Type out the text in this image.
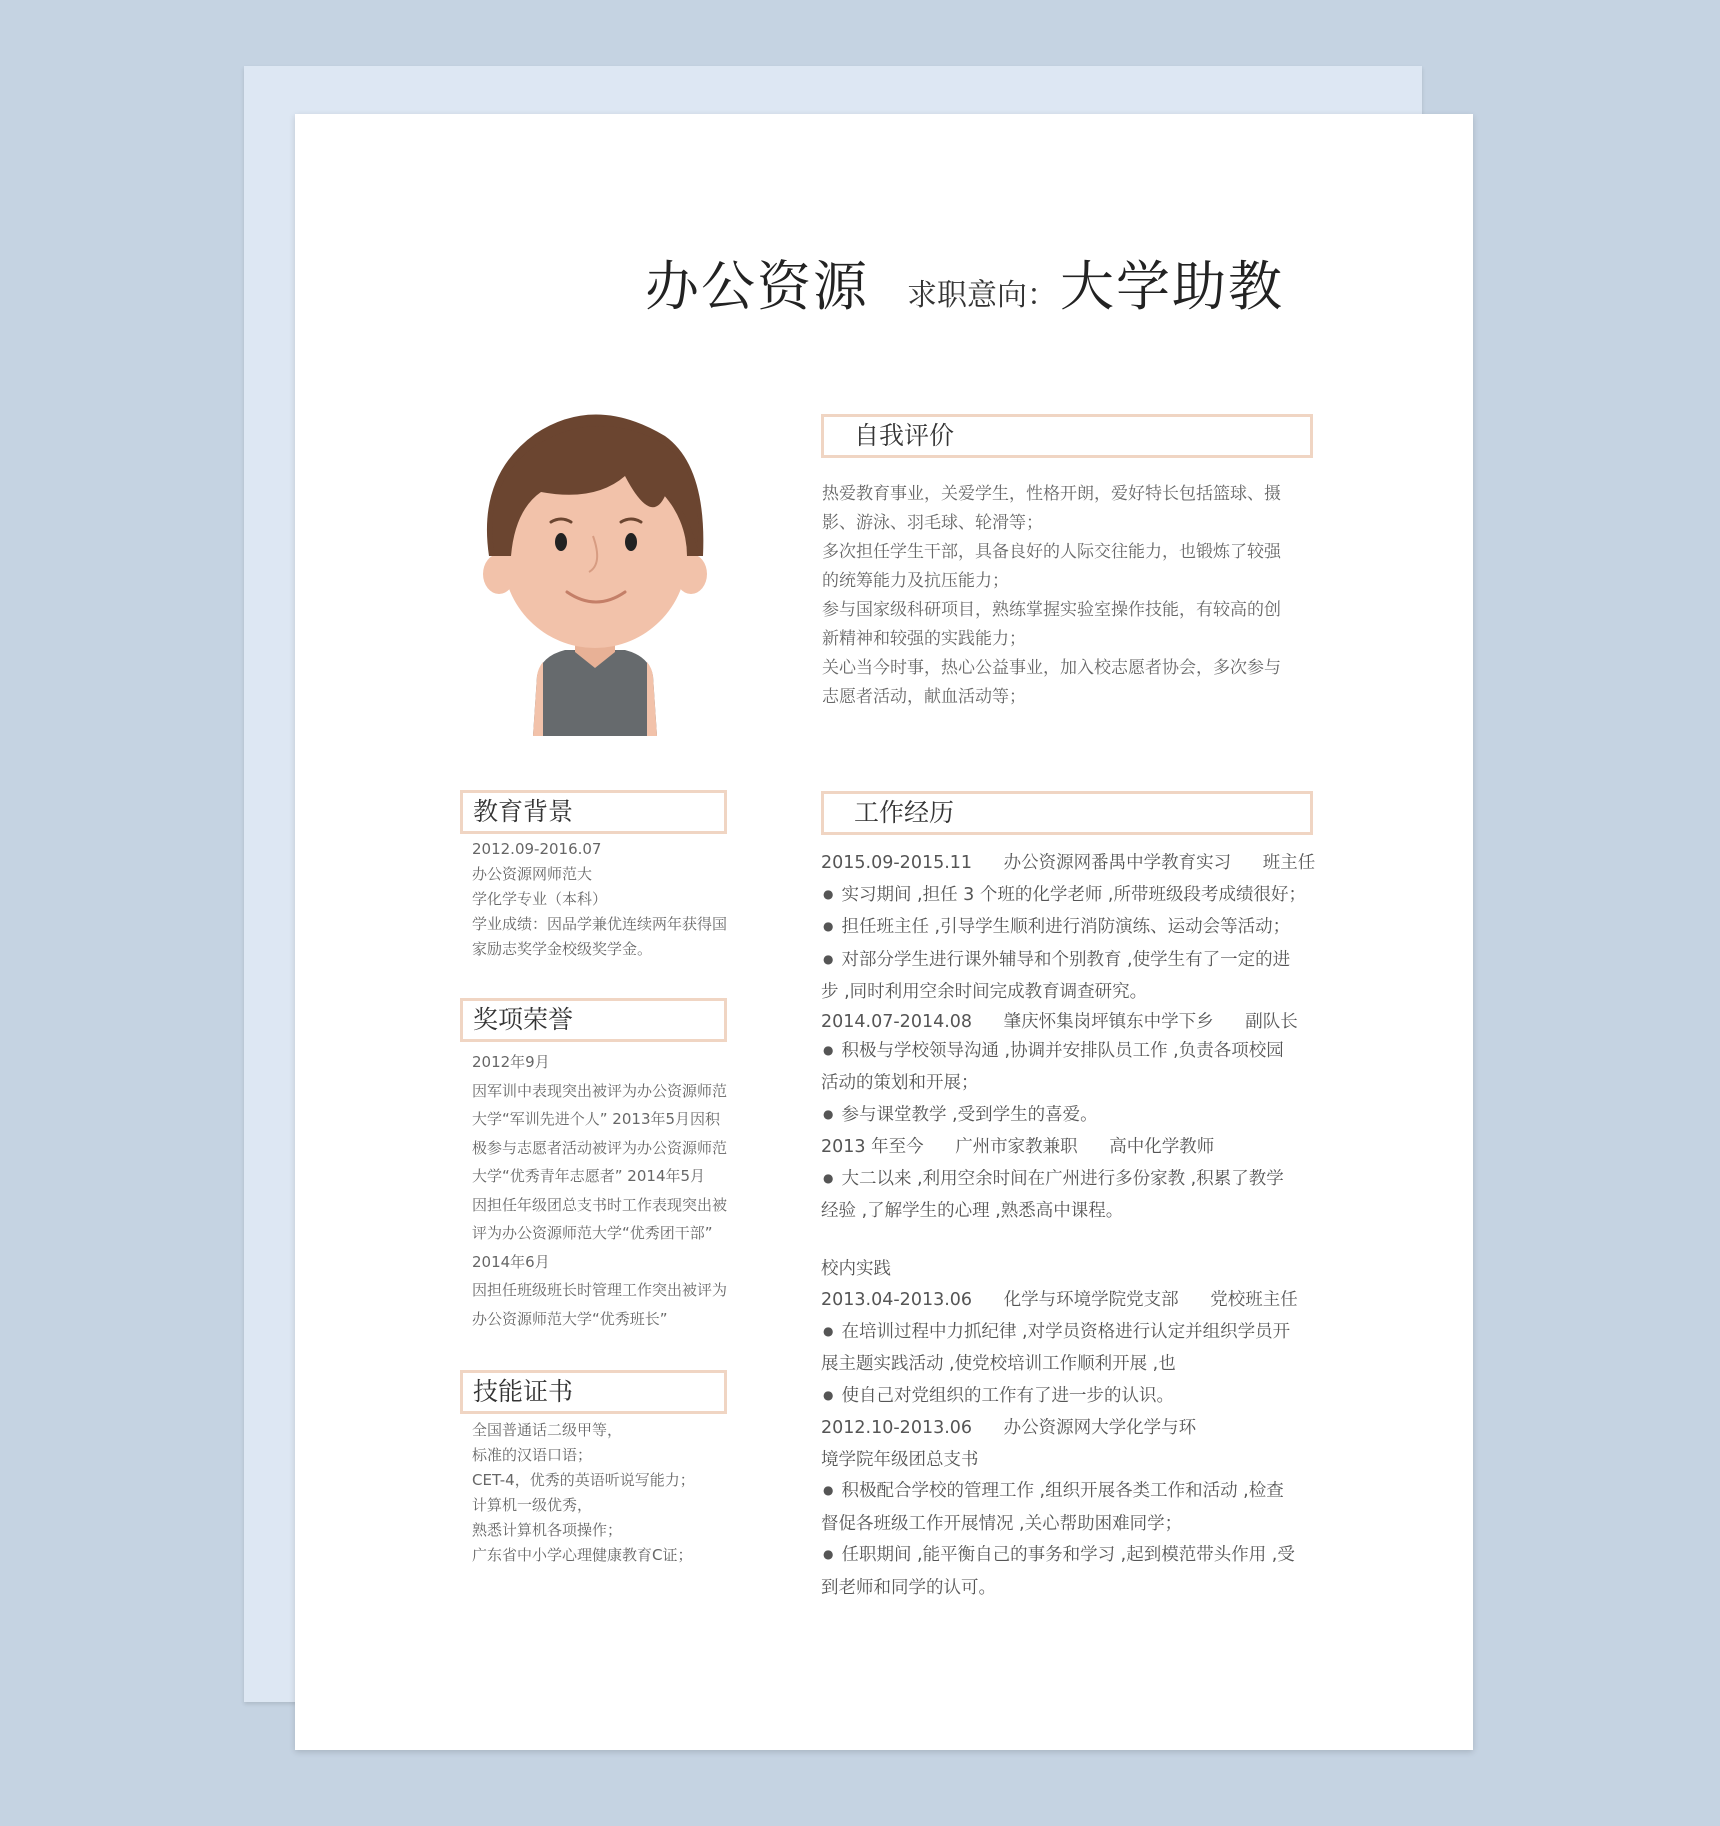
办公资源 求职意向： 大学助教
自我评价
热爱教育事业，关爱学生，性格开朗，爱好特长包括篮球、摄
影、游泳、羽毛球、轮滑等；
多次担任学生干部，具备良好的人际交往能力，也锻炼了较强
的统筹能力及抗压能力；
参与国家级科研项目，熟练掌握实验室操作技能，有较高的创
新精神和较强的实践能力；
关心当今时事，热心公益事业，加入校志愿者协会，多次参与
志愿者活动，献血活动等；
教育背景
2012.09-2016.07
办公资源网师范大
学化学专业（本科）
学业成绩：因品学兼优连续两年获得国
家励志奖学金校级奖学金。
奖项荣誉
2012年9月
因军训中表现突出被评为办公资源师范
大学“军训先进个人” 2013年5月因积
极参与志愿者活动被评为办公资源师范
大学“优秀青年志愿者” 2014年5月
因担任年级团总支书时工作表现突出被
评为办公资源师范大学“优秀团干部”
2014年6月
因担任班级班长时管理工作突出被评为
办公资源师范大学“优秀班长”
技能证书
全国普通话二级甲等，
标准的汉语口语；
CET-4，优秀的英语听说写能力；
计算机一级优秀，
熟悉计算机各项操作；
广东省中小学心理健康教育C证；
工作经历
2015.09-2015.11 办公资源网番禺中学教育实习 班主任
● 实习期间 ,担任 3 个班的化学老师 ,所带班级段考成绩很好；
● 担任班主任 ,引导学生顺利进行消防演练、运动会等活动；
● 对部分学生进行课外辅导和个别教育 ,使学生有了一定的进
步 ,同时利用空余时间完成教育调查研究。
2014.07-2014.08 肇庆怀集岗坪镇东中学下乡 副队长
● 积极与学校领导沟通 ,协调并安排队员工作 ,负责各项校园
活动的策划和开展；
● 参与课堂教学 ,受到学生的喜爱。
2013 年至今 广州市家教兼职 高中化学教师
● 大二以来 ,利用空余时间在广州进行多份家教 ,积累了教学
经验 ,了解学生的心理 ,熟悉高中课程。
校内实践
2013.04-2013.06 化学与环境学院党支部 党校班主任
● 在培训过程中力抓纪律 ,对学员资格进行认定并组织学员开
展主题实践活动 ,使党校培训工作顺利开展 ,也
● 使自己对党组织的工作有了进一步的认识。
2012.10-2013.06 办公资源网大学化学与环
境学院年级团总支书
● 积极配合学校的管理工作 ,组织开展各类工作和活动 ,检查
督促各班级工作开展情况 ,关心帮助困难同学；
● 任职期间 ,能平衡自己的事务和学习 ,起到模范带头作用 ,受
到老师和同学的认可。
